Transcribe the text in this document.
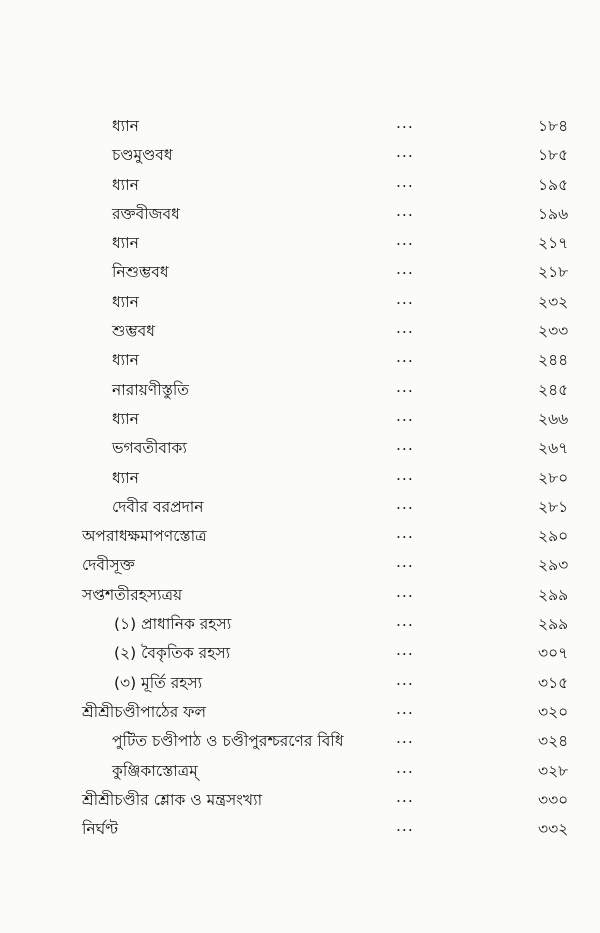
ধ্যান	...	১৮৪
চণ্ডমুণ্ডবধ	...	১৮৫
ধ্যান	...	১৯৫
রক্তবীজবধ	...	১৯৬
ধ্যান	...	২১৭
নিশুম্ভবধ	...	২১৮
ধ্যান	...	২৩২
শুম্ভবধ	...	২৩৩
ধ্যান	...	২৪৪
নারায়ণীস্তুতি	...	২৪৫
ধ্যান	...	২৬৬
ভগবতীবাক্য	...	২৬৭
ধ্যান	...	২৮০
দেবীর বরপ্রদান	...	২৮১
অপরাধক্ষমাপণস্তোত্র	...	২৯০
দেবীসূক্ত	...	২৯৩
সপ্তশতীরহস্যত্রয়	...	২৯৯
(১) প্রাধানিক রহস্য	...	২৯৯
(২) বৈকৃতিক রহস্য	...	৩০৭
(৩) মূর্তি রহস্য	...	৩১৫
শ্রীশ্রীচণ্ডীপাঠের ফল	...	৩২০
পুটিত চণ্ডীপাঠ ও চণ্ডীপুরশ্চরণের বিধি	...	৩২৪
কুঞ্জিকাস্তোত্রম্	...	৩২৮
শ্রীশ্রীচণ্ডীর শ্লোক ও মন্ত্রসংখ্যা	...	৩৩০
নির্ঘণ্ট	...	৩৩২
